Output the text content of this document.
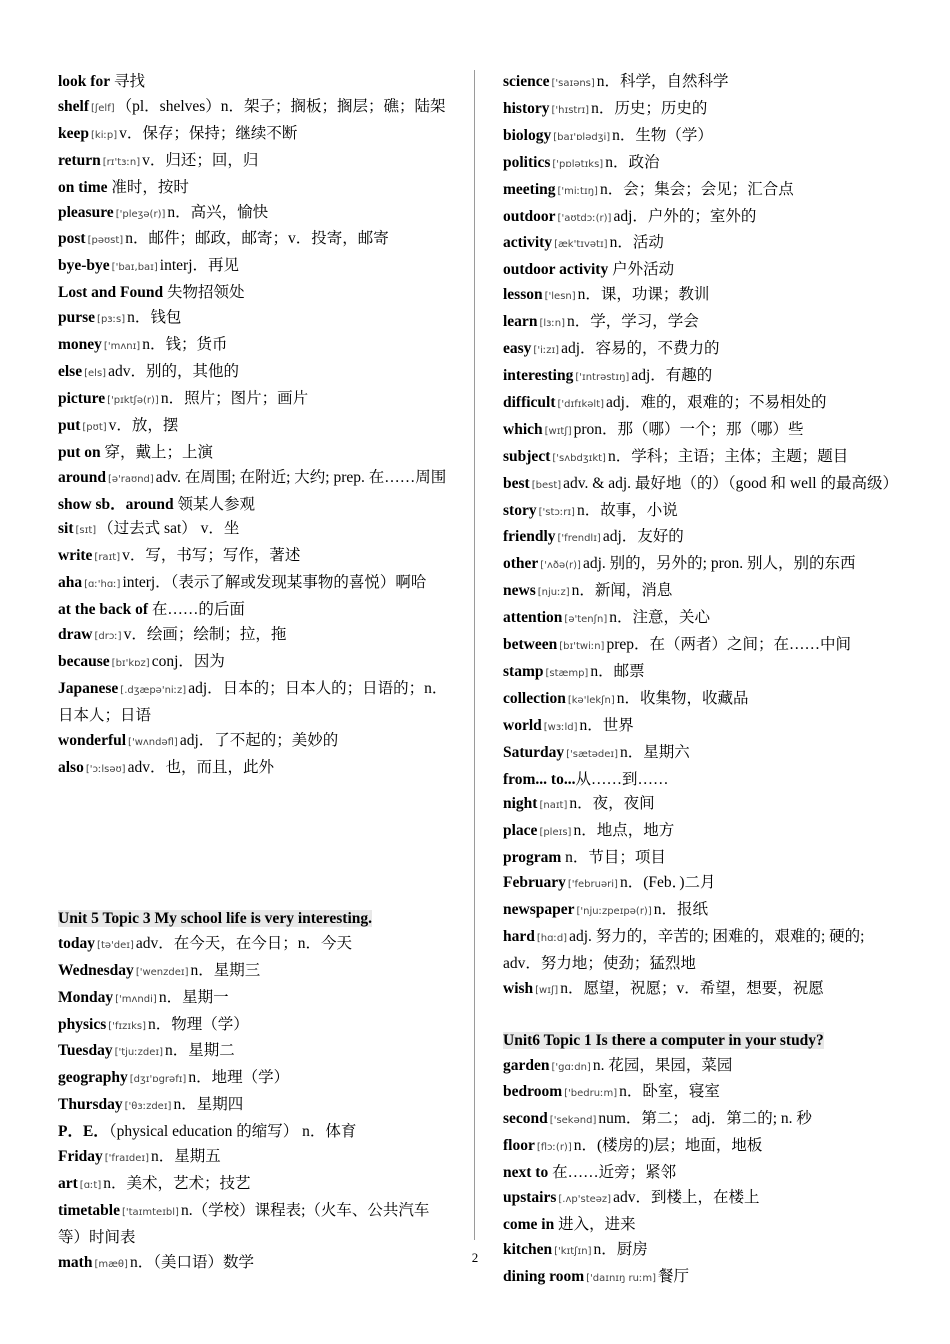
look for 寻找
shelf [ʃelf] （pl．shelves）n．架子；搁板；搁层；礁；陆架
keep [kiːp] v．保存；保持；继续不断
return [rɪ'tɜːn] v．归还；回，归
on time 准时，按时
pleasure ['pleʒə(r)] n．高兴，愉快
post [pəʊst] n．邮件；邮政，邮寄；v．投寄，邮寄
bye-bye ['baɪ,baɪ] interj．再见
Lost and Found 失物招领处
purse [pɜːs] n．钱包
money ['mʌnɪ] n．钱；货币
else [els] adv．别的，其他的
picture ['pɪktʃə(r)] n．照片；图片；画片
put [pʊt] v．放，摆
put on 穿，戴上；上演
around [ə'raʊnd] adv. 在周围; 在附近; 大约; prep. 在……周围
show sb．around 领某人参观
sit [sɪt] （过去式 sat） v．坐
write [raɪt] v．写，书写；写作，著述
aha [ɑː'hɑː] interj．（表示了解或发现某事物的喜悦）啊哈
at the back of 在……的后面
draw [drɔː] v．绘画；绘制；拉，拖
because [bɪ'kɒz] conj．因为
Japanese [.dʒæpə'niːz] adj．日本的；日本人的；日语的；n．日本人；日语
wonderful ['wʌndəfl] adj．了不起的；美妙的
also ['ɔːlsəʊ] adv．也，而且，此外
Unit 5 Topic 3 My school life is very interesting.
today [tə'deɪ] adv．在今天，在今日；n．今天
Wednesday ['wenzdeɪ] n．星期三
Monday ['mʌndi] n．星期一
physics ['fɪzɪks] n．物理（学）
Tuesday ['tjuːzdeɪ] n．星期二
geography [dʒɪ'ɒgrəfɪ] n．地理（学）
Thursday ['θɜːzdeɪ] n．星期四
P．E．（physical education 的缩写） n．体育
Friday ['fraɪdeɪ] n．星期五
art [ɑːt] n．美术，艺术；技艺
timetable ['taɪmteɪbl] n.（学校）课程表;（火车、公共汽车等）时间表
math [mæθ] n．（美口语）数学
science ['saɪəns] n．科学，自然科学
history ['hɪstrɪ] n．历史；历史的
biology [baɪ'ɒlədʒi] n．生物（学）
politics ['pɒlətɪks] n．政治
meeting ['miːtɪŋ] n．会；集会；会见；汇合点
outdoor ['aʊtdɔː(r)] adj．户外的；室外的
activity [æk'tɪvətɪ] n．活动
outdoor activity 户外活动
lesson ['lesn] n．课，功课；教训
learn [lɜːn] n．学，学习，学会
easy ['iːzɪ] adj．容易的，不费力的
interesting ['ɪntrəstɪŋ] adj．有趣的
difficult ['dɪfɪkəlt] adj．难的，艰难的；不易相处的
which [wɪtʃ] pron．那（哪）一个；那（哪）些
subject ['sʌbdʒɪkt] n．学科；主语；主体；主题；题目
best [best] adv. & adj. 最好地（的）（good 和 well 的最高级）
story ['stɔːrɪ] n．故事，小说
friendly ['frendlɪ] adj．友好的
other ['ʌðə(r)] adj. 别的，另外的; pron. 别人，别的东西
news [njuːz] n．新闻，消息
attention [ə'tenʃn] n．注意，关心
between [bɪ'twiːn] prep．在（两者）之间；在……中间
stamp [stæmp] n．邮票
collection [kə'lekʃn] n．收集物，收藏品
world [wɜːld] n．世界
Saturday ['sætədeɪ] n．星期六
from... to...从……到……
night [naɪt] n．夜，夜间
place [pleɪs] n．地点，地方
program n．节目；项目
February ['februəri] n．(Feb．)二月
newspaper ['njuːzpeɪpə(r)] n．报纸
hard [hɑːd] adj. 努力的，辛苦的; 困难的，艰难的; 硬的; adv．努力地；使劲；猛烈地
wish [wɪʃ] n．愿望，祝愿；v．希望，想要，祝愿
Unit6 Topic 1 Is there a computer in your study?
garden ['gɑːdn] n. 花园，果园，菜园
bedroom ['bedruːm] n．卧室，寝室
second ['sekənd] num．第二； adj．第二的; n. 秒
floor [flɔː(r)] n．(楼房的)层；地面，地板
next to 在……近旁；紧邻
upstairs [.ʌp'steəz] adv．到楼上，在楼上
come in 进入，进来
kitchen ['kɪtʃɪn] n．厨房
dining room ['daɪnɪŋ ruːm] 餐厅
2
